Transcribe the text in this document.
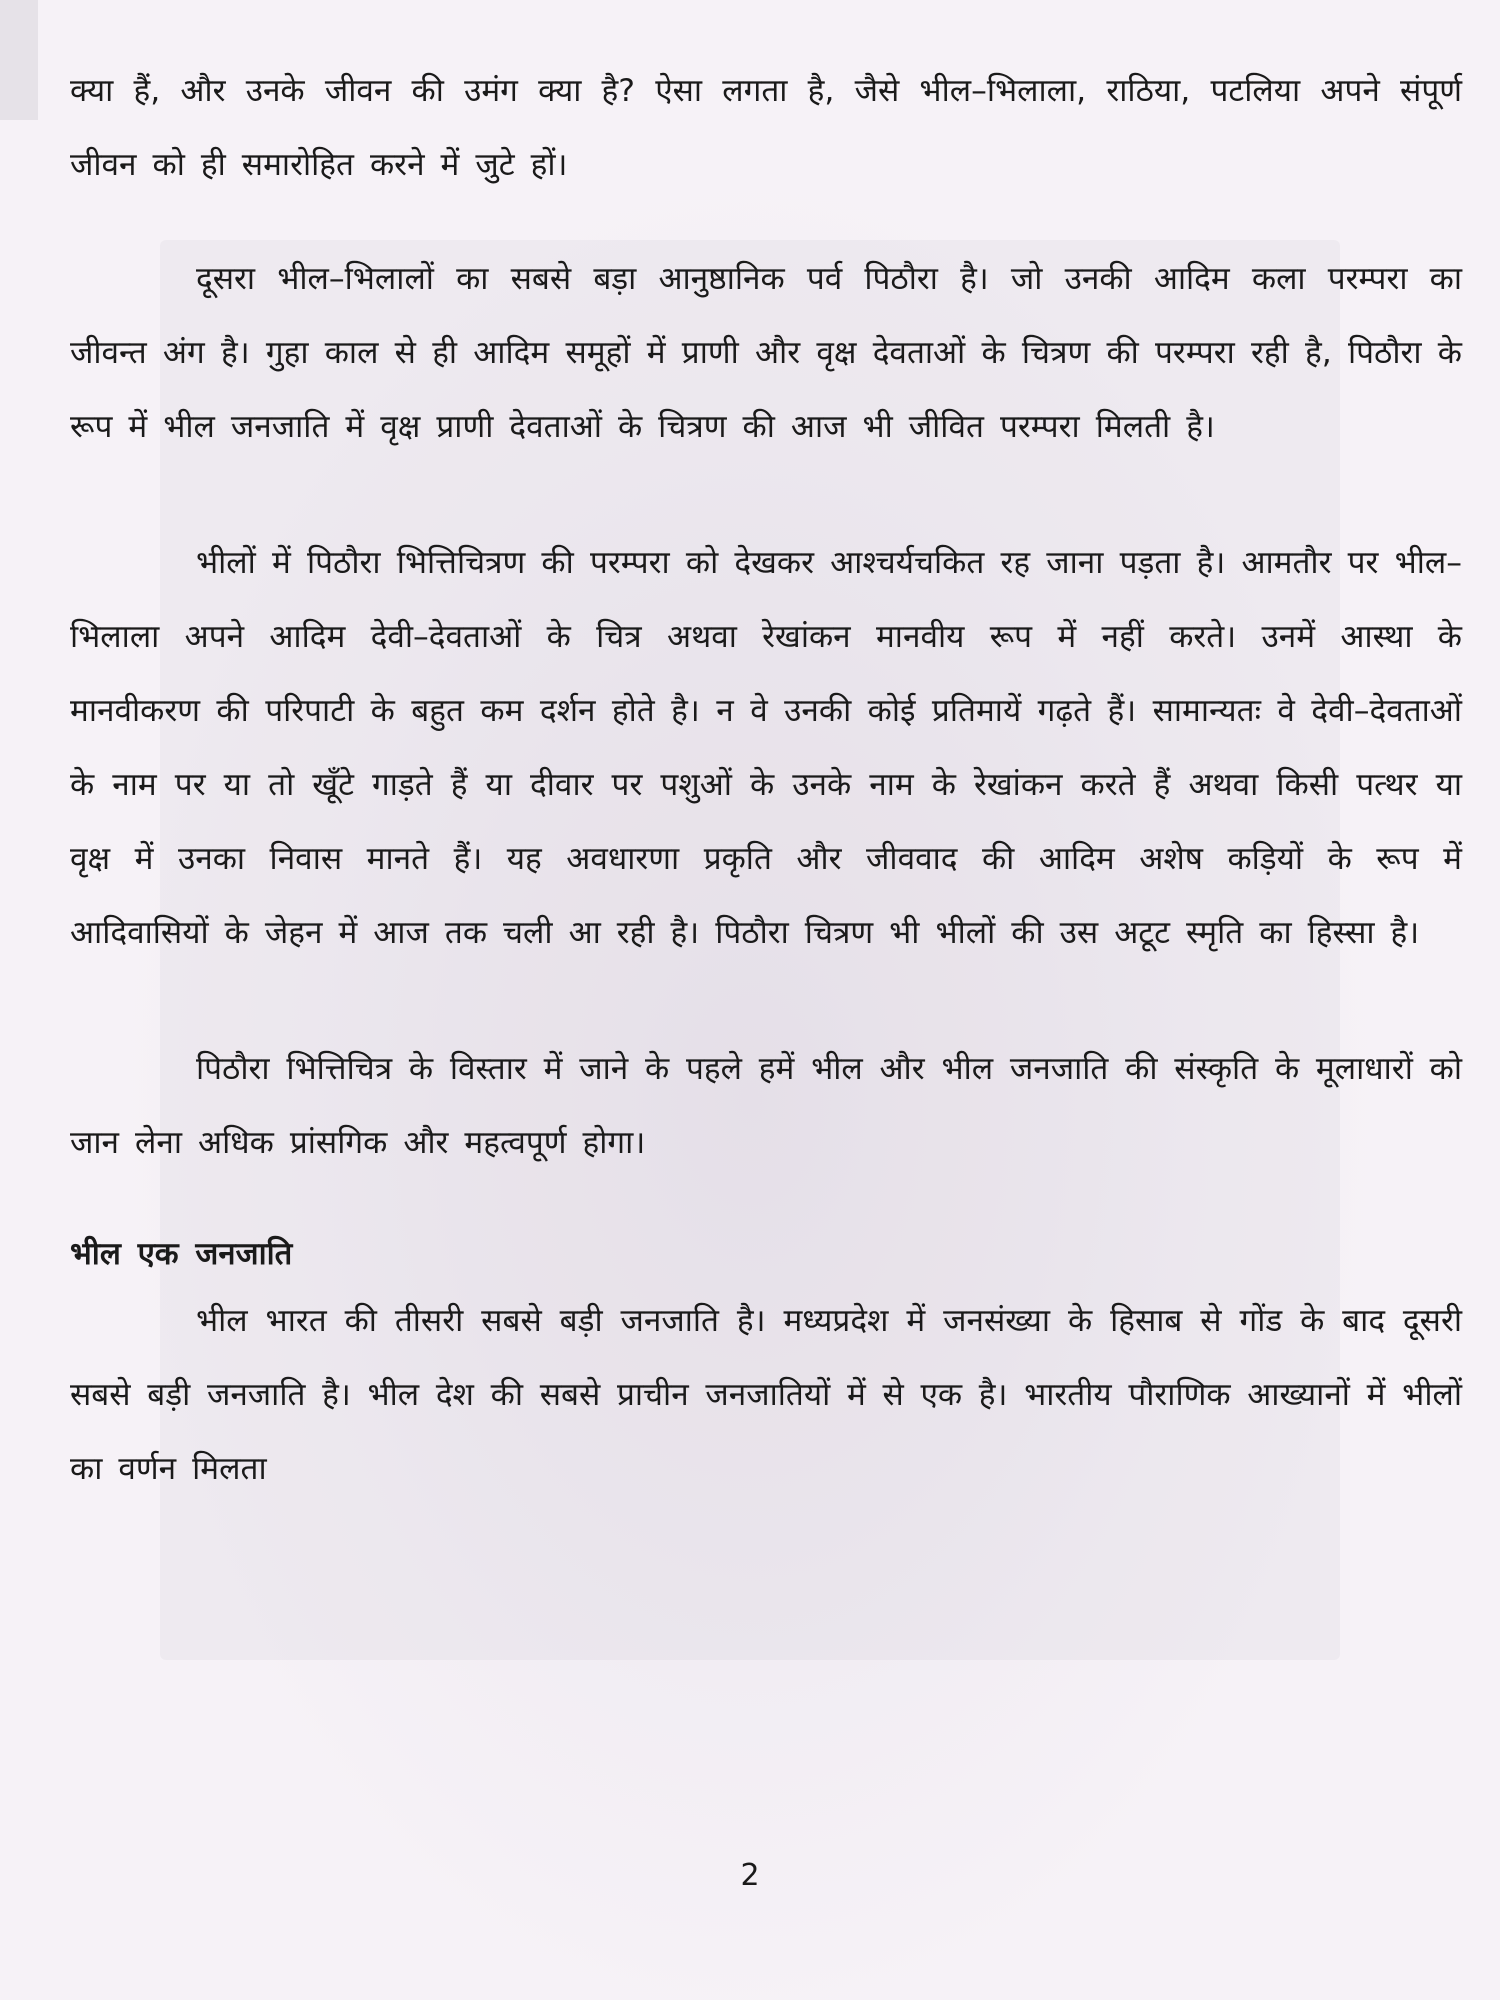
क्या हैं, और उनके जीवन की उमंग क्या है? ऐसा लगता है, जैसे भील–भिलाला, राठिया, पटलिया अपने संपूर्ण जीवन को ही समारोहित करने में जुटे हों।

दूसरा भील–भिलालों का सबसे बड़ा आनुष्ठानिक पर्व पिठौरा है। जो उनकी आदिम कला परम्परा का जीवन्त अंग है। गुहा काल से ही आदिम समूहों में प्राणी और वृक्ष देवताओं के चित्रण की परम्परा रही है, पिठौरा के रूप में भील जनजाति में वृक्ष प्राणी देवताओं के चित्रण की आज भी जीवित परम्परा मिलती है।

भीलों में पिठौरा भित्तिचित्रण की परम्परा को देखकर आश्चर्यचकित रह जाना पड़ता है। आमतौर पर भील–भिलाला अपने आदिम देवी–देवताओं के चित्र अथवा रेखांकन मानवीय रूप में नहीं करते। उनमें आस्था के मानवीकरण की परिपाटी के बहुत कम दर्शन होते है। न वे उनकी कोई प्रतिमायें गढ़ते हैं। सामान्यतः वे देवी–देवताओं के नाम पर या तो खूँटे गाड़ते हैं या दीवार पर पशुओं के उनके नाम के रेखांकन करते हैं अथवा किसी पत्थर या वृक्ष में उनका निवास मानते हैं। यह अवधारणा प्रकृति और जीववाद की आदिम अशेष कड़ियों के रूप में आदिवासियों के जेहन में आज तक चली आ रही है। पिठौरा चित्रण भी भीलों की उस अटूट स्मृति का हिस्सा है।

पिठौरा भित्तिचित्र के विस्तार में जाने के पहले हमें भील और भील जनजाति की संस्कृति के मूलाधारों को जान लेना अधिक प्रांसगिक और महत्वपूर्ण होगा।

भील एक जनजाति

भील भारत की तीसरी सबसे बड़ी जनजाति है। मध्यप्रदेश में जनसंख्या के हिसाब से गोंड के बाद दूसरी सबसे बड़ी जनजाति है। भील देश की सबसे प्राचीन जनजातियों में से एक है। भारतीय पौराणिक आख्यानों में भीलों का वर्णन मिलता

2
